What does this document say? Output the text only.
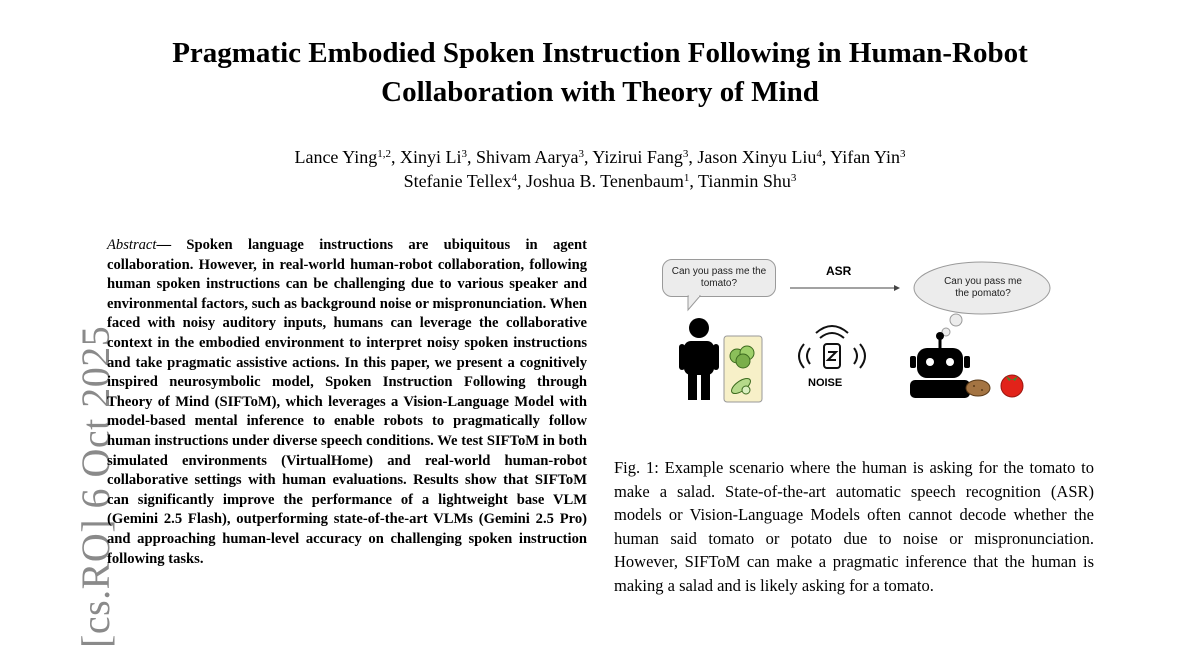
[cs.RO] 6 Oct 2025
Pragmatic Embodied Spoken Instruction Following in Human-Robot
Collaboration with Theory of Mind
Lance Ying$^{1,2}$, Xinyi Li$^3$, Shivam Aarya$^3$, Yizirui Fang$^3$, Jason Xinyu Liu$^4$, Yifan Yin$^3$
Stefanie Tellex$^4$, Joshua B. Tenenbaum$^1$, Tianmin Shu$^3$
Abstract— Spoken language instructions are ubiquitous in agent collaboration. However, in real-world human-robot collaboration, following human spoken instructions can be challenging due to various speaker and environmental factors, such as background noise or mispronunciation. When faced with noisy auditory inputs, humans can leverage the collaborative context in the embodied environment to interpret noisy spoken instructions and take pragmatic assistive actions. In this paper, we present a cognitively inspired neurosymbolic model, Spoken Instruction Following through Theory of Mind (SIFToM), which leverages a Vision-Language Model with model-based mental inference to enable robots to pragmatically follow human instructions under diverse speech conditions. We test SIFToM in both simulated environments (VirtualHome) and real-world human-robot collaborative settings with human evaluations. Results show that SIFToM can significantly improve the performance of a lightweight base VLM (Gemini 2.5 Flash), outperforming state-of-the-art VLMs (Gemini 2.5 Pro) and approaching human-level accuracy on challenging spoken instruction following tasks.
Can you pass me the tomato?
ASR
Can you pass me the pomato?
NOISE
Fig. 1: Example scenario where the human is asking for the tomato to make a salad. State-of-the-art automatic speech recognition (ASR) models or Vision-Language Models often cannot decode whether the human said tomato or potato due to noise or mispronunciation. However, SIFToM can make a pragmatic inference that the human is making a salad and is likely asking for a tomato.
